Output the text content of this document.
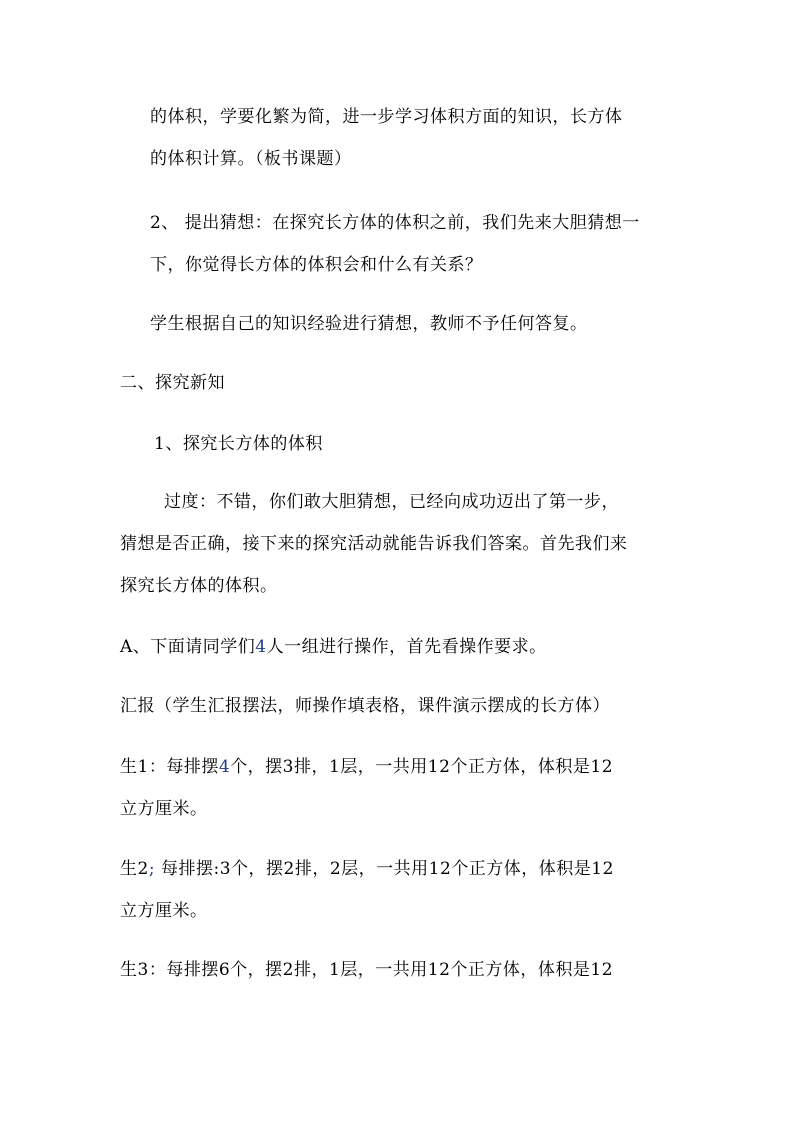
的体积，学要化繁为简，进一步学习体积方面的知识，长方体
的体积计算。（板书课题）
2、 提出猜想：在探究长方体的体积之前，我们先来大胆猜想一
下，你觉得长方体的体积会和什么有关系？
学生根据自己的知识经验进行猜想，教师不予任何答复。
二、探究新知
1、探究长方体的体积
过度：不错，你们敢大胆猜想，已经向成功迈出了第一步，
猜想是否正确，接下来的探究活动就能告诉我们答案。首先我们来
探究长方体的体积。
A、下面请同学们4人一组进行操作，首先看操作要求。
汇报（学生汇报摆法，师操作填表格，课件演示摆成的长方体）
生1：每排摆4个，摆3排，1层，一共用12个正方体，体积是12
立方厘米。
生2; 每排摆:3个，摆2排，2层，一共用12个正方体，体积是12
立方厘米。
生3：每排摆6个，摆2排，1层，一共用12个正方体，体积是12
